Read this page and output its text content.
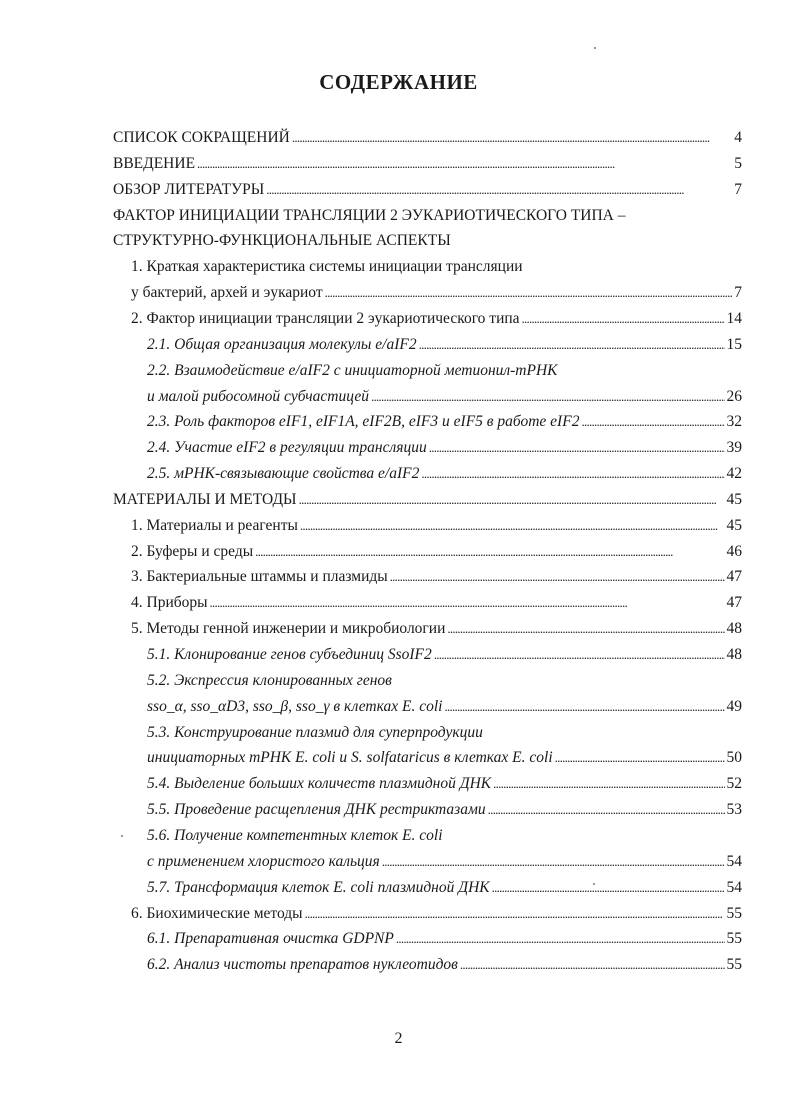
СОДЕРЖАНИЕ
СПИСОК СОКРАЩЕНИЙ . . .	4
ВВЕДЕНИЕ . . .	5
ОБЗОР ЛИТЕРАТУРЫ . . .	7
ФАКТОР ИНИЦИАЦИИ ТРАНСЛЯЦИИ 2 ЭУКАРИОТИЧЕСКОГО ТИПА –
СТРУКТУРНО-ФУНКЦИОНАЛЬНЫЕ АСПЕКТЫ
1. Краткая характеристика системы инициации трансляции
у бактерий, архей и эукариот . . .	7
2. Фактор инициации трансляции 2 эукариотического типа . . .	14
2.1. Общая организация молекулы e/aIF2 . . .	15
2.2. Взаимодействие e/aIF2 с инициаторной метионил-тРНК
и малой рибосомной субчастицей . . .	26
2.3. Роль факторов eIF1, eIF1A, eIF2B, eIF3 и eIF5 в работе eIF2 . . .	32
2.4. Участие eIF2 в регуляции трансляции . . .	39
2.5. мРНК-связывающие свойства e/aIF2 . . .	42
МАТЕРИАЛЫ И МЕТОДЫ . . .	45
1. Материалы и реагенты . . .	45
2. Буферы и среды . . .	46
3. Бактериальные штаммы и плазмиды . . .	47
4. Приборы . . .	47
5. Методы генной инженерии и микробиологии . . .	48
5.1. Клонирование генов субъединиц SsoIF2 . . .	48
5.2. Экспрессия клонированных генов
sso_α, sso_αD3, sso_β, sso_γ в клетках E. coli . . .	49
5.3. Конструирование плазмид для суперпродукции
инициаторных тРНК E. coli и S. solfataricus в клетках E. coli . . .	50
5.4. Выделение больших количеств плазмидной ДНК . . .	52
5.5. Проведение расщепления ДНК рестриктазами . . .	53
5.6. Получение компетентных клеток E. coli
с применением хлористого кальция . . .	54
5.7. Трансформация клеток E. coli плазмидной ДНК . . .	54
6. Биохимические методы . . .	55
6.1. Препаративная очистка GDPNP . . .	55
6.2. Анализ чистоты препаратов нуклеотидов . . .	55
2
